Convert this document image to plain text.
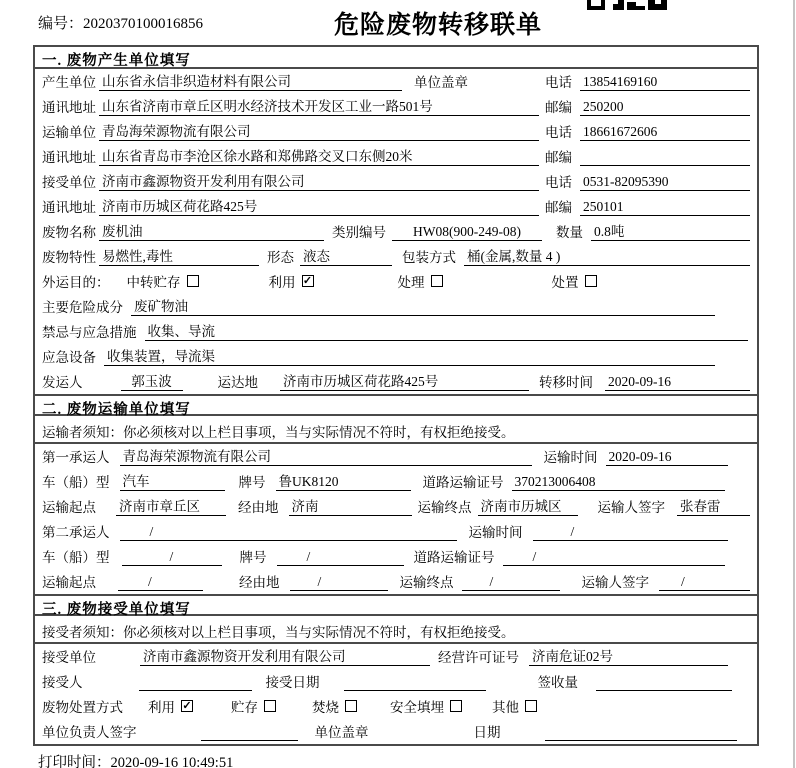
编号：2020370100016856	危险废物转移联单
一. 废物产生单位填写
产生单位 山东省永信非织造材料有限公司	单位盖章	电话 13854169160
通讯地址 山东省济南市章丘区明水经济技术开发区工业一路501号	邮编 250200
运输单位 青岛海荣源物流有限公司	电话 18661672606
通讯地址 山东省青岛市李沧区徐水路和郑佛路交叉口东侧20米	邮编
接受单位 济南市鑫源物资开发利用有限公司	电话 0531-82095390
通讯地址 济南市历城区荷花路425号	邮编 250101
废物名称 废机油	类别编号	HW08(900-249-08)	数量 0.8吨
废物特性 易燃性,毒性	形态 液态	包装方式 桶(金属,数量 4 )
外运目的： 中转贮存	利用 ✓	处理	处置
主要危险成分 废矿物油
禁忌与应急措施 收集、导流
应急设备 收集装置，导流渠
发运人	郭玉波	运达地 济南市历城区荷花路425号	转移时间 2020-09-16
二. 废物运输单位填写
运输者须知：你必须核对以上栏目事项，当与实际情况不符时，有权拒绝接受。
第一承运人 青岛海荣源物流有限公司	运输时间 2020-09-16
车（船）型 汽车	牌号 鲁UK8120	道路运输证号 370213006408
运输起点 济南市章丘区	经由地 济南	运输终点 济南市历城区	运输人签字 张春雷
第二承运人	/	运输时间	/
车（船）型	/	牌号	/	道路运输证号	/
运输起点	/	经由地	/	运输终点	/	运输人签字	/
三. 废物接受单位填写
接受者须知：你必须核对以上栏目事项，当与实际情况不符时，有权拒绝接受。
接受单位	济南市鑫源物资开发利用有限公司	经营许可证号 济南危证02号
接受人	接受日期	签收量
废物处置方式 利用 ✓	贮存	焚烧	安全填埋	其他
单位负责人签字	单位盖章	日期
打印时间：2020-09-16 10:49:51
